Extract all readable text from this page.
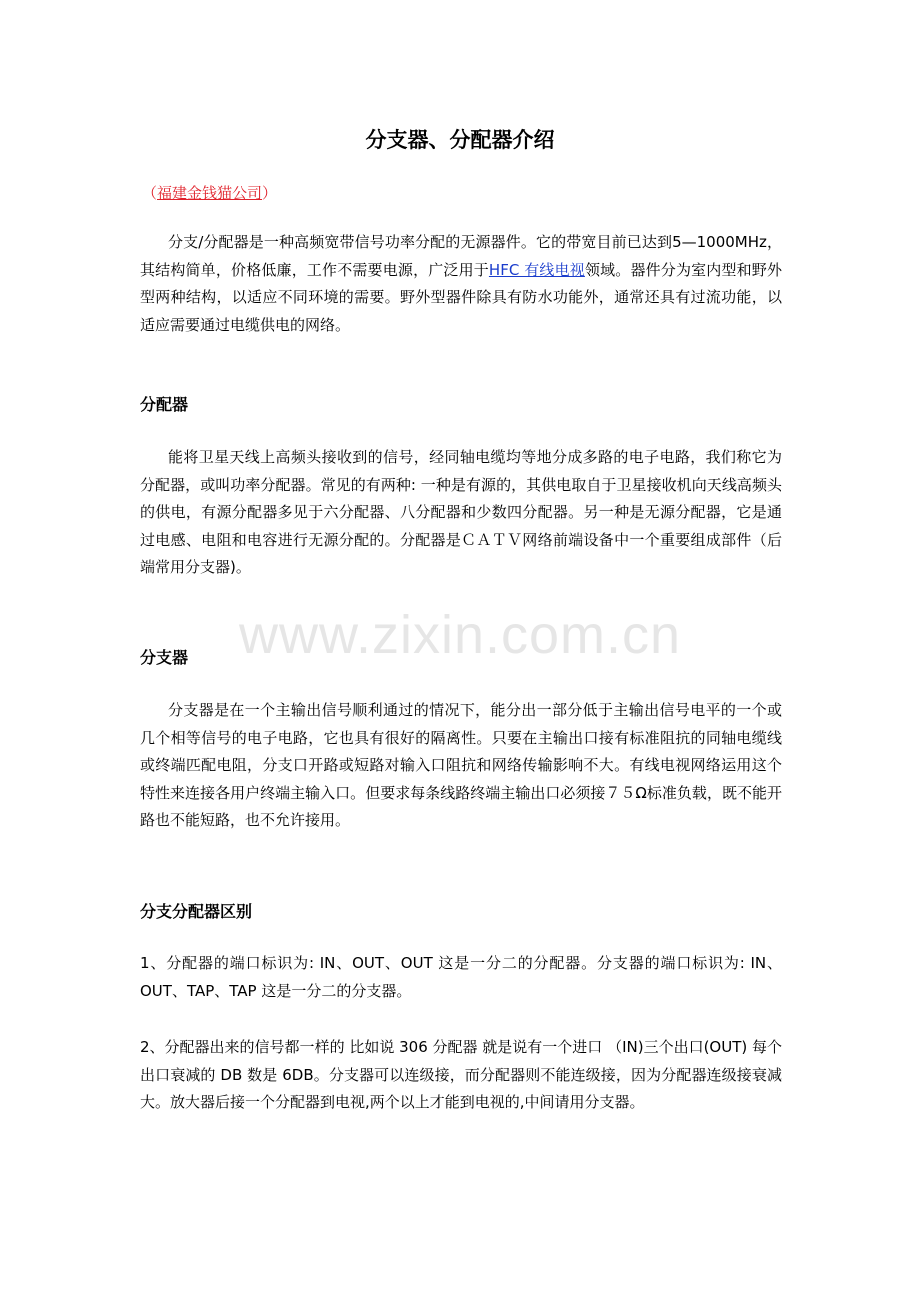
分支器、分配器介绍
（福建金钱猫公司）

分支/分配器是一种高频宽带信号功率分配的无源器件。它的带宽目前已达到5—1000MHz，其结构简单，价格低廉，工作不需要电源，广泛用于HFC 有线电视领域。器件分为室内型和野外型两种结构，以适应不同环境的需要。野外型器件除具有防水功能外，通常还具有过流功能，以适应需要通过电缆供电的网络。

分配器

能将卫星天线上高频头接收到的信号，经同轴电缆均等地分成多路的电子电路，我们称它为分配器，或叫功率分配器。常见的有两种: 一种是有源的，其供电取自于卫星接收机向天线高频头的供电，有源分配器多见于六分配器、八分配器和少数四分配器。另一种是无源分配器，它是通过电感、电阻和电容进行无源分配的。分配器是ＣＡＴＶ网络前端设备中一个重要组成部件（后端常用分支器)。

分支器

分支器是在一个主输出信号顺利通过的情况下，能分出一部分低于主输出信号电平的一个或几个相等信号的电子电路，它也具有很好的隔离性。只要在主输出口接有标准阻抗的同轴电缆线或终端匹配电阻，分支口开路或短路对输入口阻抗和网络传输影响不大。有线电视网络运用这个特性来连接各用户终端主输入口。但要求每条线路终端主输出口必须接７５Ω标准负载，既不能开路也不能短路，也不允许接用。

分支分配器区别

1、分配器的端口标识为: IN、OUT、OUT 这是一分二的分配器。分支器的端口标识为: IN、OUT、TAP、TAP 这是一分二的分支器。

2、分配器出来的信号都一样的 比如说 306 分配器 就是说有一个进口 （IN)三个出口(OUT) 每个出口衰减的 DB 数是 6DB。分支器可以连级接，而分配器则不能连级接，因为分配器连级接衰减大。放大器后接一个分配器到电视,两个以上才能到电视的,中间请用分支器。

www.zixin.com.cn
